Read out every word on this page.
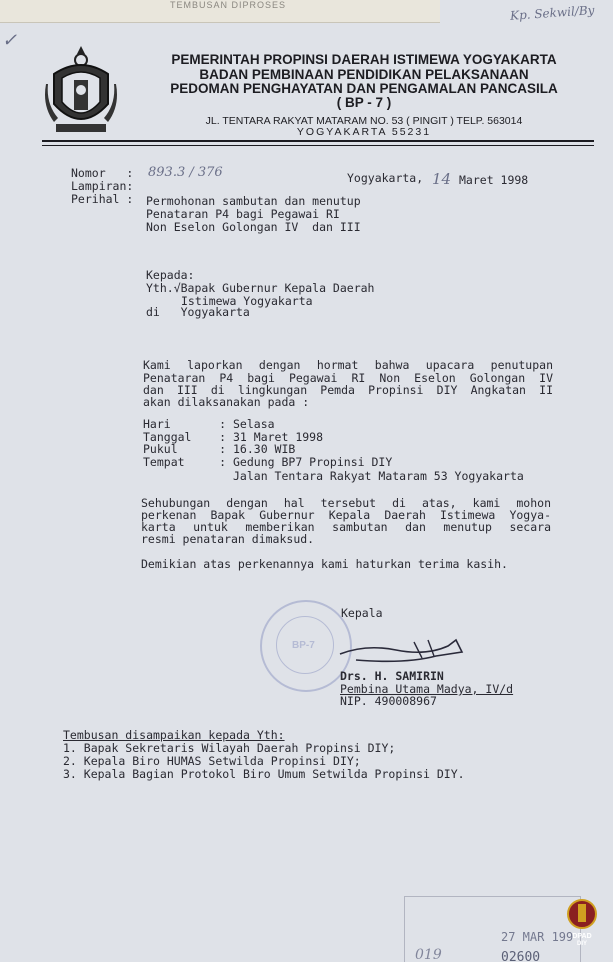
TEMBUSAN DIPROSES	Kp. Sekwil/By
✓
PEMERINTAH PROPINSI DAERAH ISTIMEWA YOGYAKARTA
BADAN PEMBINAAN PENDIDIKAN PELAKSANAAN
PEDOMAN PENGHAYATAN DAN PENGAMALAN PANCASILA
( BP - 7 )
JL. TENTARA RAKYAT MATARAM NO. 53 ( PINGIT ) TELP. 563014
YOGYAKARTA 55231
Nomor   : 893.3 / 376
Lampiran:
Perihal : Permohonan sambutan dan menutup
Penataran P4 bagi Pegawai RI
Non Eselon Golongan IV  dan III
Yogyakarta, 14 Maret 1998
Kepada:
Yth.√Bapak Gubernur Kepala Daerah
Istimewa Yogyakarta
di   Yogyakarta
Kami laporkan dengan hormat bahwa upacara penutupan
Penataran P4 bagi Pegawai RI Non Eselon Golongan IV
dan III di lingkungan Pemda Propinsi DIY Angkatan II
akan dilaksanakan pada :
Hari       : Selasa
Tanggal    : 31 Maret 1998
Pukul      : 16.30 WIB
Tempat     : Gedung BP7 Propinsi DIY
Jalan Tentara Rakyat Mataram 53 Yogyakarta
Sehubungan dengan hal tersebut di atas, kami mohon
perkenan Bapak Gubernur Kepala Daerah Istimewa Yogya-
karta untuk memberikan sambutan dan menutup secara
resmi penataran dimaksud.
Demikian atas perkenannya kami haturkan terima kasih.
BP-7
Kepala
Drs. H. SAMIRIN
Pembina Utama Madya, IV/d
NIP. 490008967
Tembusan disampaikan kepada Yth:
1. Bapak Sekretaris Wilayah Daerah Propinsi DIY;
2. Kepala Biro HUMAS Setwilda Propinsi DIY;
3. Kepala Bagian Protokol Biro Umum Setwilda Propinsi DIY.
27 MAR 199
019	02600
DPAD
DIY
